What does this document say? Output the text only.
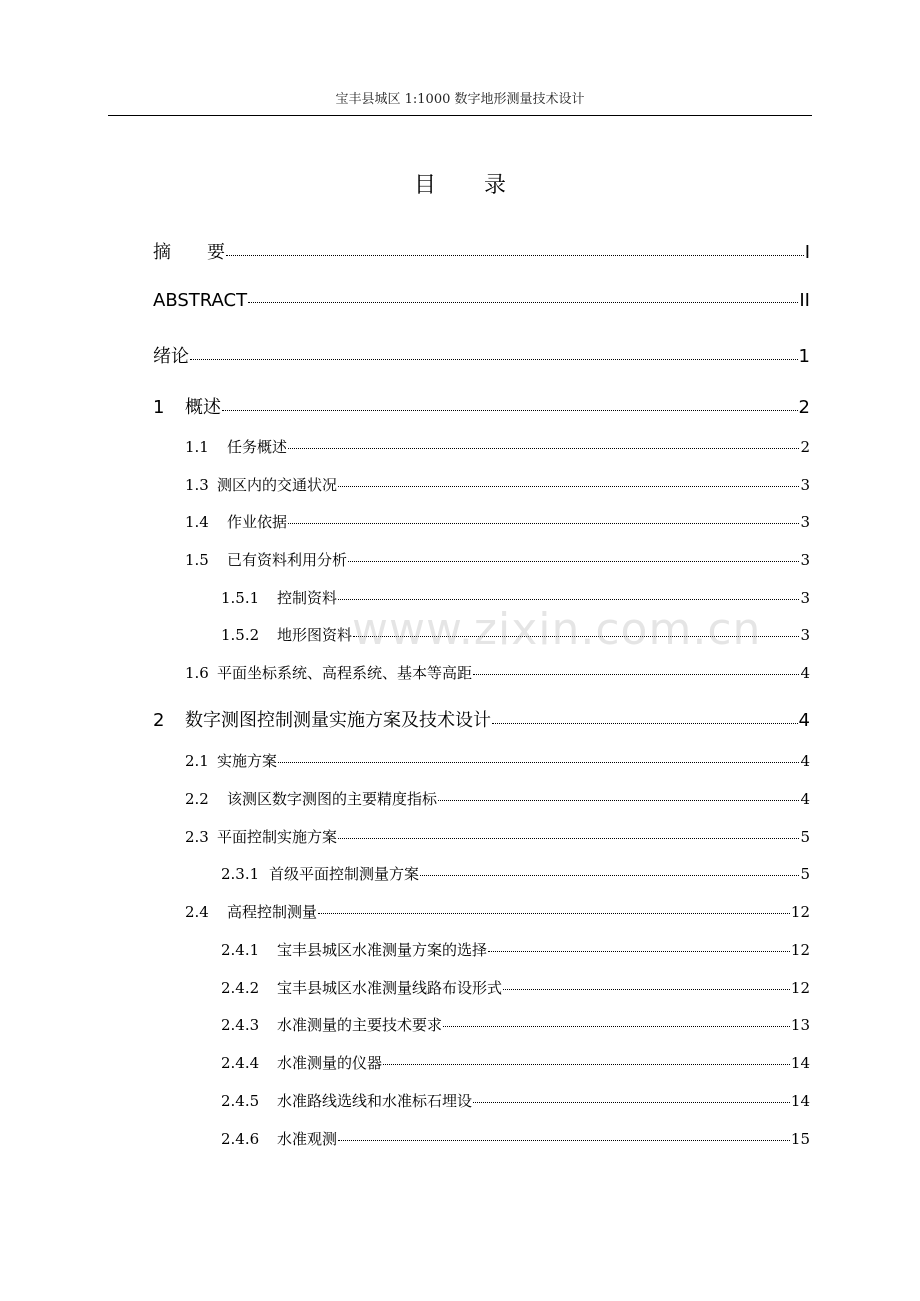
宝丰县城区 1:1000 数字地形测量技术设计
目 录
摘　　要	I
ABSTRACT	II
绪论	1
1	概述	2
1.1	任务概述	2
1.3 测区内的交通状况	3
1.4	作业依据	3
1.5	已有资料利用分析	3
1.5.1	控制资料	3
1.5.2	地形图资料	3
1.6 平面坐标系统、高程系统、基本等高距	4
2	数字测图控制测量实施方案及技术设计	4
2.1 实施方案	4
2.2	该测区数字测图的主要精度指标	4
2.3 平面控制实施方案	5
2.3.1 首级平面控制测量方案	5
2.4	高程控制测量	12
2.4.1	宝丰县城区水准测量方案的选择	12
2.4.2	宝丰县城区水准测量线路布设形式	12
2.4.3	水准测量的主要技术要求	13
2.4.4	水准测量的仪器	14
2.4.5	水准路线选线和水准标石埋设	14
2.4.6	水准观测	15
www.zixin.com.cn
